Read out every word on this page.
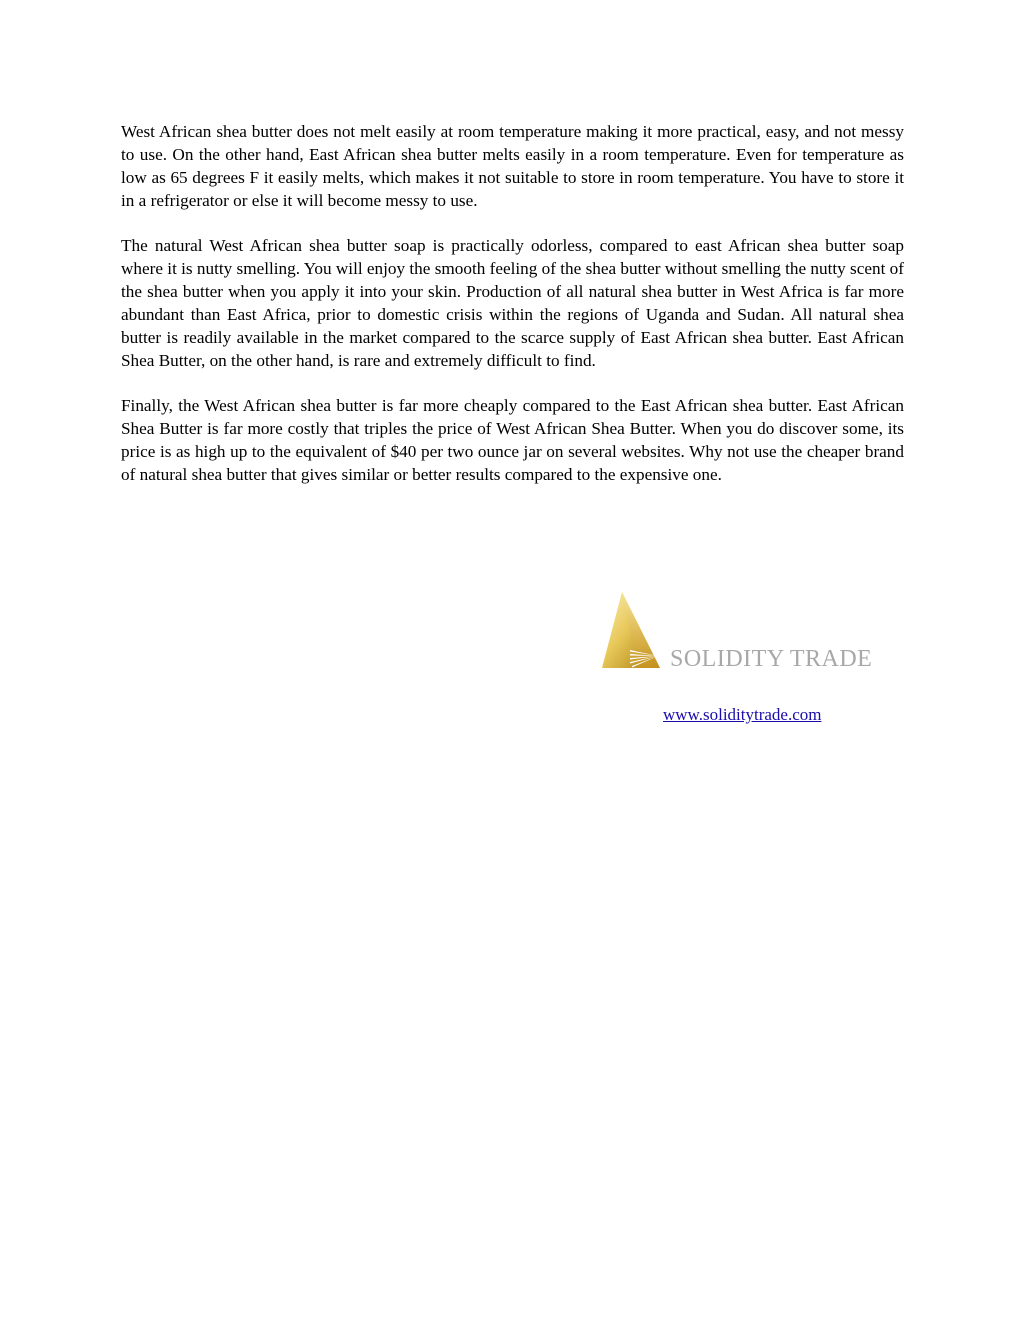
West African shea butter does not melt easily at room temperature making it more practical, easy, and not messy to use. On the other hand, East African shea butter melts easily in a room temperature. Even for temperature as low as 65 degrees F it easily melts, which makes it not suitable to store in room temperature. You have to store it in a refrigerator or else it will become messy to use.

The natural West African shea butter soap is practically odorless, compared to east African shea butter soap where it is nutty smelling. You will enjoy the smooth feeling of the shea butter without smelling the nutty scent of the shea butter when you apply it into your skin. Production of all natural shea butter in West Africa is far more abundant than East Africa, prior to domestic crisis within the regions of Uganda and Sudan. All natural shea butter is readily available in the market compared to the scarce supply of East African shea butter. East African Shea Butter, on the other hand, is rare and extremely difficult to find.

Finally, the West African shea butter is far more cheaply compared to the East African shea butter. East African Shea Butter is far more costly that triples the price of West African Shea Butter. When you do discover some, its price is as high up to the equivalent of $40 per two ounce jar on several websites. Why not use the cheaper brand of natural shea butter that gives similar or better results compared to the expensive one.

SOLIDITY TRADE
www.soliditytrade.com
